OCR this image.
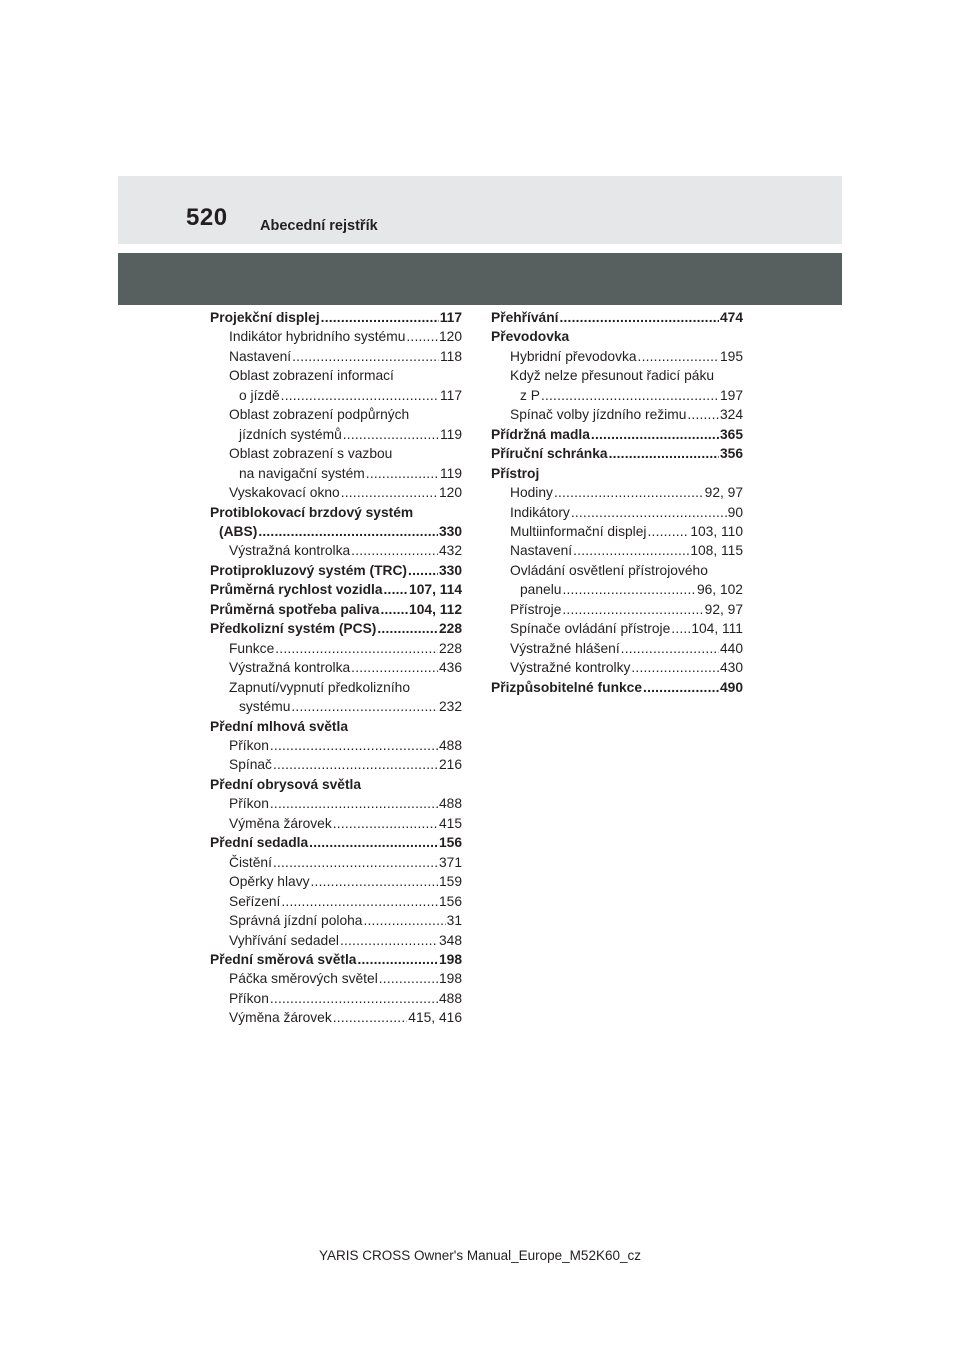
520 Abecední rejstřík
Projekční displej .....	117
Indikátor hybridního systému ..... 120
Nastavení .....	118
Oblast zobrazení informací
o jízdě .....	117
Oblast zobrazení podpůrných
jízdních systémů .....	119
Oblast zobrazení s vazbou
na navigační systém .....	119
Vyskakovací okno .....	120
Protiblokovací brzdový systém
(ABS) .....	330
Výstražná kontrolka .....	432
Protiprokluzový systém (TRC) ..... 330
Průměrná rychlost vozidla ..... 107, 114
Průměrná spotřeba paliva ..... 104, 112
Předkolizní systém (PCS) .....	228
Funkce .....	228
Výstražná kontrolka .....	436
Zapnutí/vypnutí předkolizního
systému .....	232
Přední mlhová světla
Příkon .....	488
Spínač .....	216
Přední obrysová světla
Příkon .....	488
Výměna žárovek .....	415
Přední sedadla .....	156
Čistění .....	371
Opěrky hlavy .....	159
Seřízení .....	156
Správná jízdní poloha .....	31
Vyhřívání sedadel .....	348
Přední směrová světla .....	198
Páčka směrových světel .....	198
Příkon .....	488
Výměna žárovek .....	415, 416
Přehřívání .....	474
Převodovka
Hybridní převodovka .....	195
Když nelze přesunout řadicí páku
z P .....	197
Spínač volby jízdního režimu ..... 324
Přídržná madla .....	365
Příruční schránka .....	356
Přístroj
Hodiny .....	92, 97
Indikátory .....	90
Multiinformační displej .....	103, 110
Nastavení .....	108, 115
Ovládání osvětlení přístrojového
panelu .....	96, 102
Přístroje .....	92, 97
Spínače ovládání přístroje ..... 104, 111
Výstražné hlášení .....	440
Výstražné kontrolky .....	430
Přizpůsobitelné funkce .....	490
YARIS CROSS Owner's Manual_Europe_M52K60_cz
